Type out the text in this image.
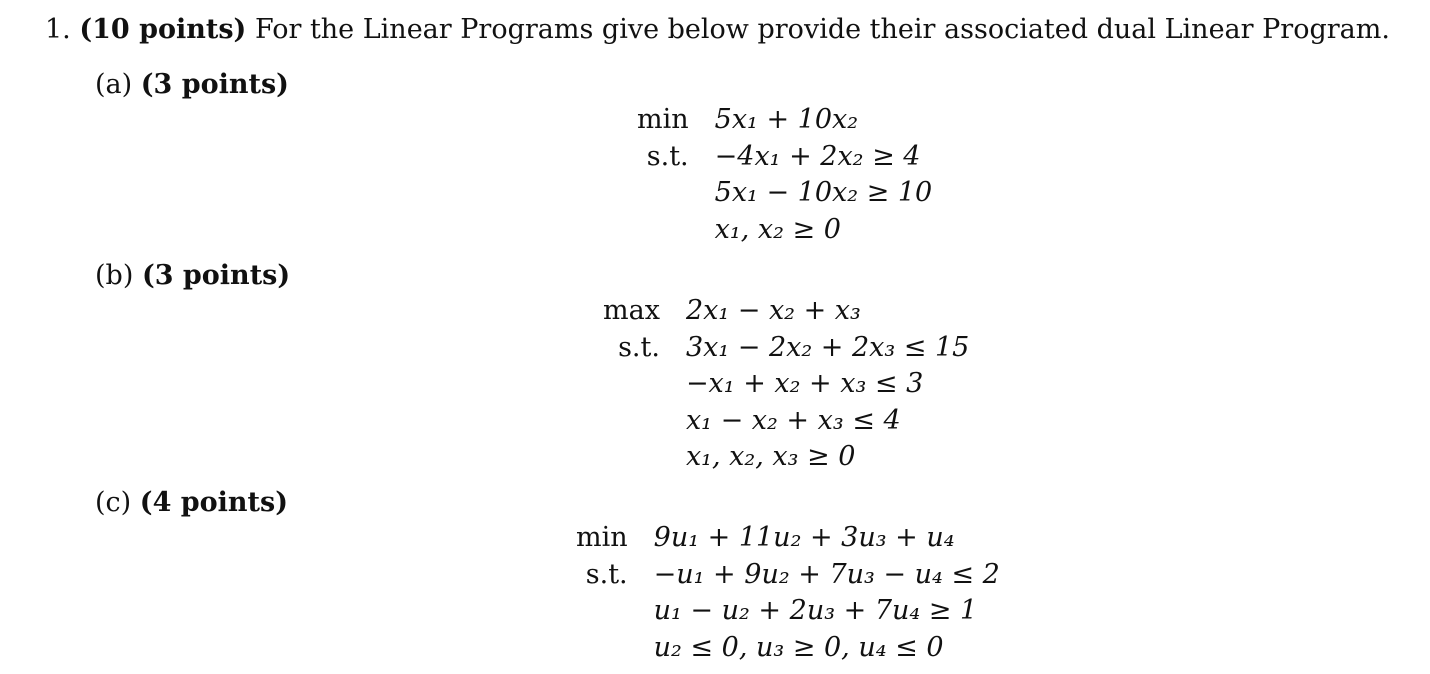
1. (10 points) For the Linear Programs give below provide their associated dual Linear Program.
(a) (3 points)
min	5x₁ + 10x₂
s.t.	−4x₁ + 2x₂ ≥ 4
	5x₁ − 10x₂ ≥ 10
	x₁, x₂ ≥ 0
(b) (3 points)
max	2x₁ − x₂ + x₃
s.t.	3x₁ − 2x₂ + 2x₃ ≤ 15
	−x₁ + x₂ + x₃ ≤ 3
	x₁ − x₂ + x₃ ≤ 4
	x₁, x₂, x₃ ≥ 0
(c) (4 points)
min	9u₁ + 11u₂ + 3u₃ + u₄
s.t.	−u₁ + 9u₂ + 7u₃ − u₄ ≤ 2
	u₁ − u₂ + 2u₃ + 7u₄ ≥ 1
	u₂ ≤ 0, u₃ ≥ 0, u₄ ≤ 0
